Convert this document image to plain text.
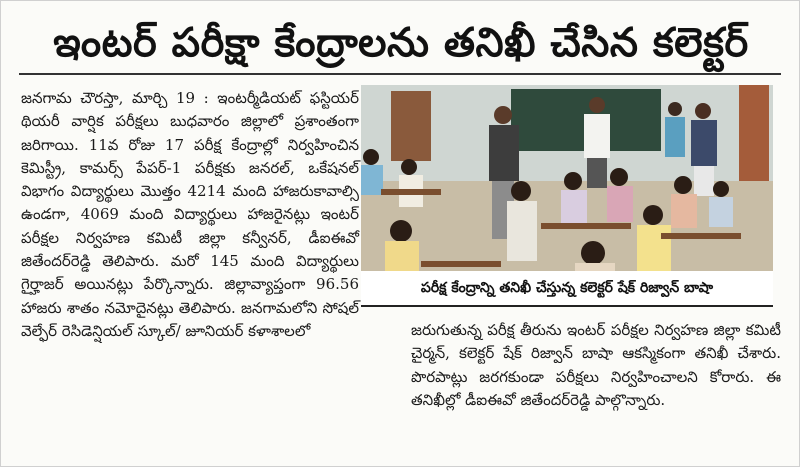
ఇంటర్ పరీక్షా కేంద్రాలను తనిఖీ చేసిన కలెక్టర్
జనగామ చౌరస్తా, మార్చి 19 : ఇంటర్మీడియట్ ఫస్టియర్ థియరీ వార్షిక పరీక్షలు బుధవారం జిల్లాలో ప్రశాంతంగా జరిగాయి. 11వ రోజు 17 పరీక్ష కేంద్రాల్లో నిర్వహించిన కెమిస్ట్రీ, కామర్స్ పేపర్-1 పరీక్షకు జనరల్, ఒకేషనల్ విభాగం విద్యార్థులు మొత్తం 4214 మంది హాజరుకావాల్సి ఉండగా, 4069 మంది విద్యార్థులు హాజరైనట్లు ఇంటర్ పరీక్షల నిర్వహణ కమిటీ జిల్లా కన్వీనర్, డీఐఈవో జితేందర్‌రెడ్డి తెలిపారు. మరో 145 మంది విద్యార్థులు గైర్హాజర్ అయినట్లు పేర్కొన్నారు. జిల్లావ్యాప్తంగా 96.56 హాజరు శాతం నమోదైనట్లు తెలిపారు. జనగామలోని సోషల్ వెల్ఫేర్ రెసిడెన్షియల్ స్కూల్/ జూనియర్ కళాశాలలో
పరీక్ష కేంద్రాన్ని తనిఖీ చేస్తున్న కలెక్టర్ షేక్ రిజ్వాన్ బాషా
జరుగుతున్న పరీక్ష తీరును ఇంటర్ పరీక్షల నిర్వహణ జిల్లా కమిటీ చైర్మన్, కలెక్టర్ షేక్ రిజ్వాన్ బాషా ఆకస్మికంగా తనిఖీ చేశారు. పొరపాట్లు జరగకుండా పరీక్షలు నిర్వహించాలని కోరారు. ఈ తనిఖీల్లో డీఐఈవో జితేందర్‌రెడ్డి పాల్గొన్నారు.
